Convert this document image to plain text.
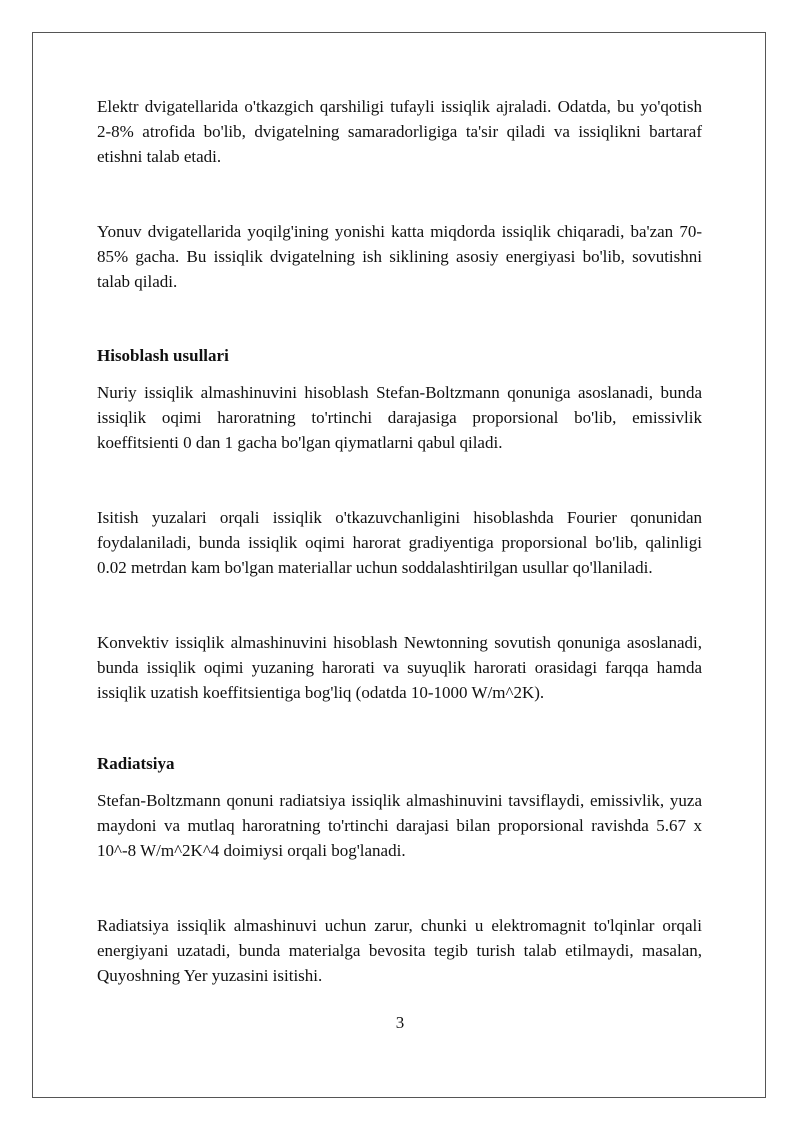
Elektr dvigatellarida o'tkazgich qarshiligi tufayli issiqlik ajraladi. Odatda, bu yo'qotish 2-8% atrofida bo'lib, dvigatelning samaradorligiga ta'sir qiladi va issiqlikni bartaraf etishni talab etadi.

Yonuv dvigatellarida yoqilg'ining yonishi katta miqdorda issiqlik chiqaradi, ba'zan 70-85% gacha. Bu issiqlik dvigatelning ish siklining asosiy energiyasi bo'lib, sovutishni talab qiladi.

Hisoblash usullari

Nuriy issiqlik almashinuvini hisoblash Stefan-Boltzmann qonuniga asoslanadi, bunda issiqlik oqimi haroratning to'rtinchi darajasiga proporsional bo'lib, emissivlik koeffitsienti 0 dan 1 gacha bo'lgan qiymatlarni qabul qiladi.

Isitish yuzalari orqali issiqlik o'tkazuvchanligini hisoblashda Fourier qonunidan foydalaniladi, bunda issiqlik oqimi harorat gradiyentiga proporsional bo'lib, qalinligi 0.02 metrdan kam bo'lgan materiallar uchun soddalashtirilgan usullar qo'llaniladi.

Konvektiv issiqlik almashinuvini hisoblash Newtonning sovutish qonuniga asoslanadi, bunda issiqlik oqimi yuzaning harorati va suyuqlik harorati orasidagi farqqa hamda issiqlik uzatish koeffitsientiga bog'liq (odatda 10-1000 W/m^2K).

Radiatsiya

Stefan-Boltzmann qonuni radiatsiya issiqlik almashinuvini tavsiflaydi, emissivlik, yuza maydoni va mutlaq haroratning to'rtinchi darajasi bilan proporsional ravishda 5.67 x 10^-8 W/m^2K^4 doimiysi orqali bog'lanadi.

Radiatsiya issiqlik almashinuvi uchun zarur, chunki u elektromagnit to'lqinlar orqali energiyani uzatadi, bunda materialga bevosita tegib turish talab etilmaydi, masalan, Quyoshning Yer yuzasini isitishi.

3
